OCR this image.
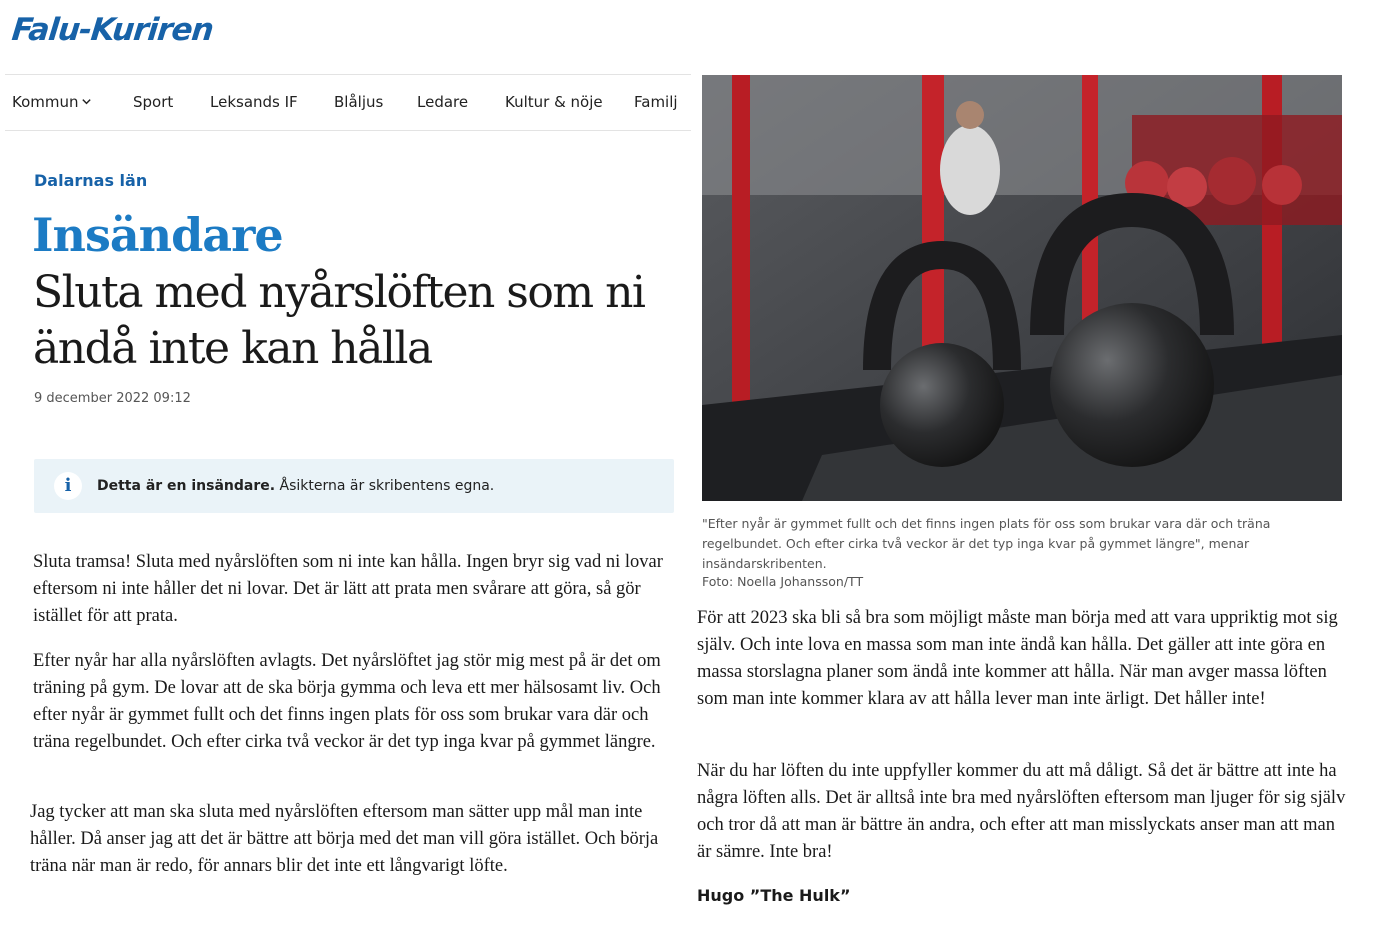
Falu-Kuriren
Kommun	Sport Leksands IF Blåljus Ledare Kultur & nöje Familj
Dalarnas län
Insändare
Sluta med nyårslöften som ni ändå inte kan hålla
9 december 2022 09:12
i	Detta är en insändare. Åsikterna är skribentens egna.

Sluta tramsa! Sluta med nyårslöften som ni inte kan hålla. Ingen bryr sig vad ni lovar eftersom ni inte håller det ni lovar. Det är lätt att prata men svårare att göra, så gör istället för att prata.

Efter nyår har alla nyårslöften avlagts. Det nyårslöftet jag stör mig mest på är det om träning på gym. De lovar att de ska börja gymma och leva ett mer hälsosamt liv. Och efter nyår är gymmet fullt och det finns ingen plats för oss som brukar vara där och träna regelbundet. Och efter cirka två veckor är det typ inga kvar på gymmet längre.

Jag tycker att man ska sluta med nyårslöften eftersom man sätter upp mål man inte håller. Då anser jag att det är bättre att börja med det man vill göra istället. Och börja träna när man är redo, för annars blir det inte ett långvarigt löfte.

"Efter nyår är gymmet fullt och det finns ingen plats för oss som brukar vara där och träna regelbundet. Och efter cirka två veckor är det typ inga kvar på gymmet längre", menar insändarskribenten.
Foto: Noella Johansson/TT

För att 2023 ska bli så bra som möjligt måste man börja med att vara uppriktig mot sig själv. Och inte lova en massa som man inte ändå kan hålla. Det gäller att inte göra en massa storslagna planer som ändå inte kommer att hålla. När man avger massa löften som man inte kommer klara av att hålla lever man inte ärligt. Det håller inte!

När du har löften du inte uppfyller kommer du att må dåligt. Så det är bättre att inte ha några löften alls. Det är alltså inte bra med nyårslöften eftersom man ljuger för sig själv och tror då att man är bättre än andra, och efter att man misslyckats anser man att man är sämre. Inte bra!

Hugo ”The Hulk”
